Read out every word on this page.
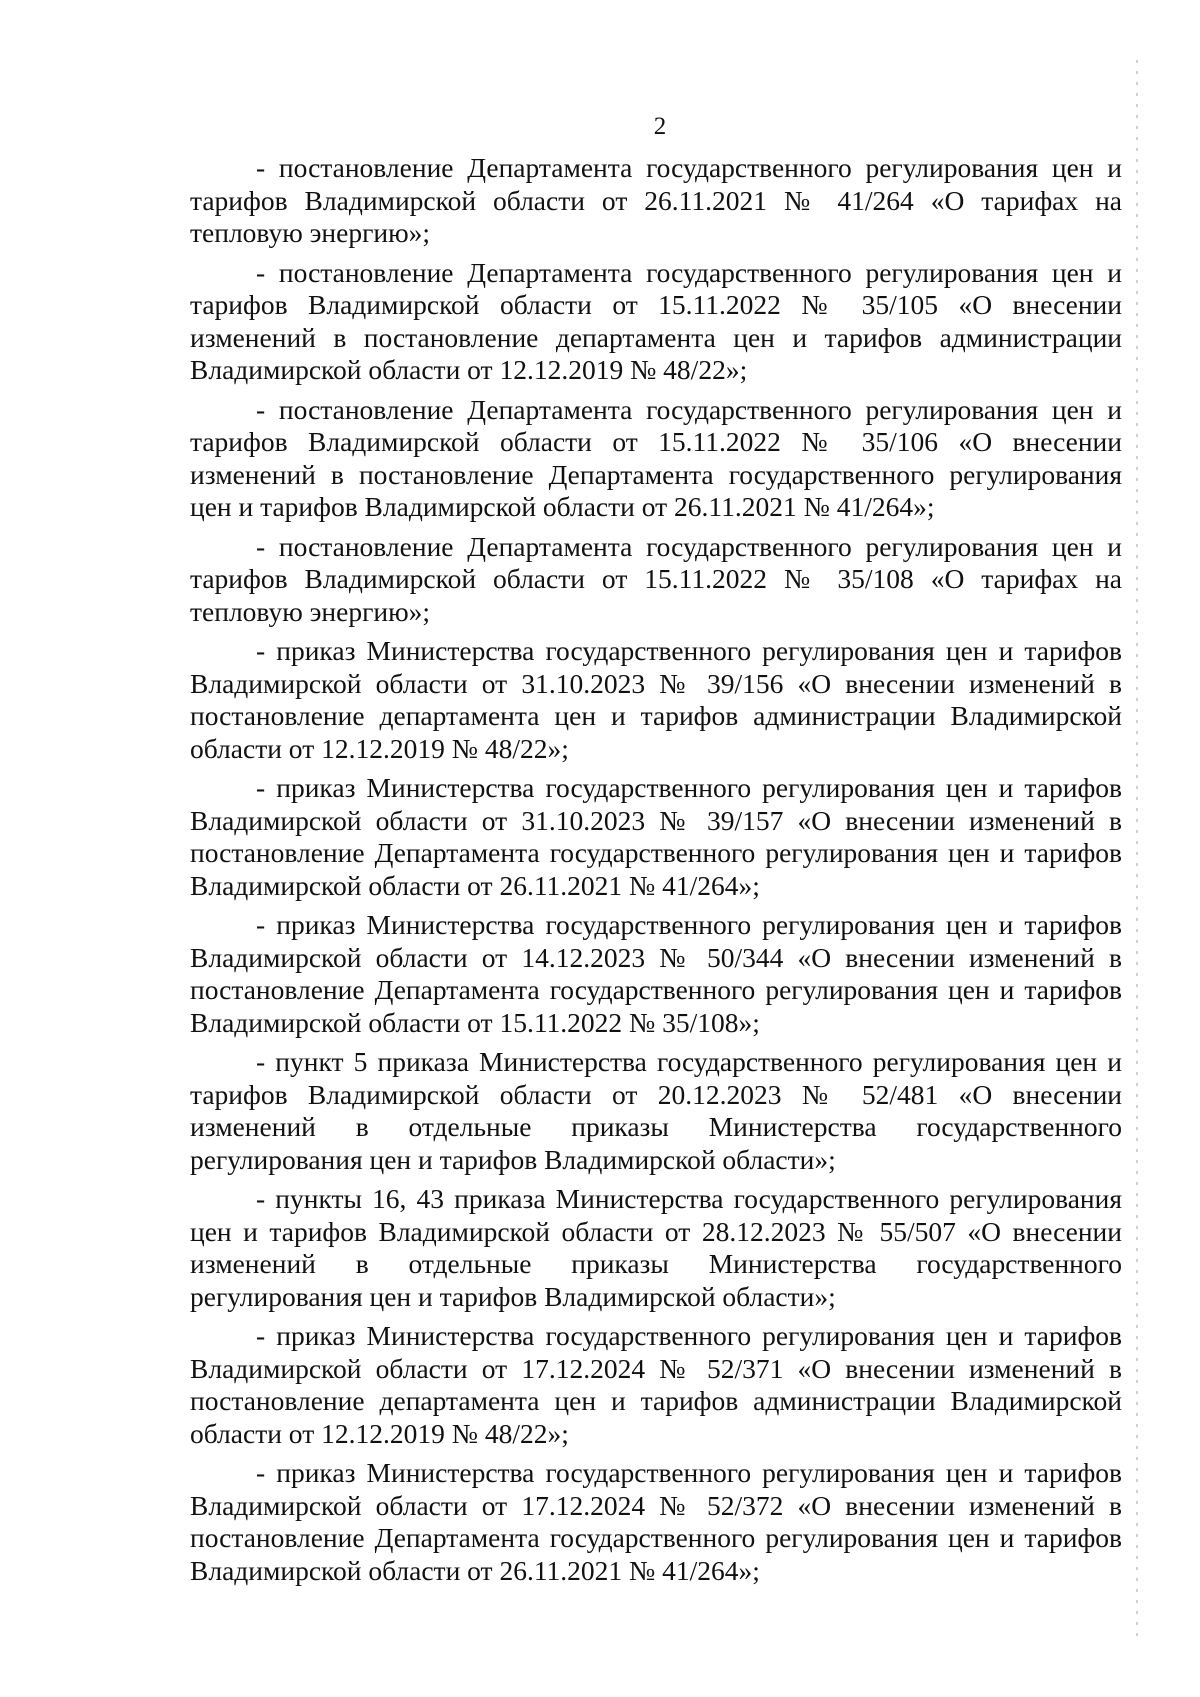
2

- постановление Департамента государственного регулирования цен и тарифов Владимирской области от 26.11.2021 № 41/264 «О тарифах на тепловую энергию»;

- постановление Департамента государственного регулирования цен и тарифов Владимирской области от 15.11.2022 № 35/105 «О внесении изменений в постановление департамента цен и тарифов администрации Владимирской области от 12.12.2019 № 48/22»;

- постановление Департамента государственного регулирования цен и тарифов Владимирской области от 15.11.2022 № 35/106 «О внесении изменений в постановление Департамента государственного регулирования цен и тарифов Владимирской области от 26.11.2021 № 41/264»;

- постановление Департамента государственного регулирования цен и тарифов Владимирской области от 15.11.2022 № 35/108 «О тарифах на тепловую энергию»;

- приказ Министерства государственного регулирования цен и тарифов Владимирской области от 31.10.2023 № 39/156 «О внесении изменений в постановление департамента цен и тарифов администрации Владимирской области от 12.12.2019 № 48/22»;

- приказ Министерства государственного регулирования цен и тарифов Владимирской области от 31.10.2023 № 39/157 «О внесении изменений в постановление Департамента государственного регулирования цен и тарифов Владимирской области от 26.11.2021 № 41/264»;

- приказ Министерства государственного регулирования цен и тарифов Владимирской области от 14.12.2023 № 50/344 «О внесении изменений в постановление Департамента государственного регулирования цен и тарифов Владимирской области от 15.11.2022 № 35/108»;

- пункт 5 приказа Министерства государственного регулирования цен и тарифов Владимирской области от 20.12.2023 № 52/481 «О внесении изменений в отдельные приказы Министерства государственного регулирования цен и тарифов Владимирской области»;

- пункты 16, 43 приказа Министерства государственного регулирования цен и тарифов Владимирской области от 28.12.2023 № 55/507 «О внесении изменений в отдельные приказы Министерства государственного регулирования цен и тарифов Владимирской области»;

- приказ Министерства государственного регулирования цен и тарифов Владимирской области от 17.12.2024 № 52/371 «О внесении изменений в постановление департамента цен и тарифов администрации Владимирской области от 12.12.2019 № 48/22»;

- приказ Министерства государственного регулирования цен и тарифов Владимирской области от 17.12.2024 № 52/372 «О внесении изменений в постановление Департамента государственного регулирования цен и тарифов Владимирской области от 26.11.2021 № 41/264»;
